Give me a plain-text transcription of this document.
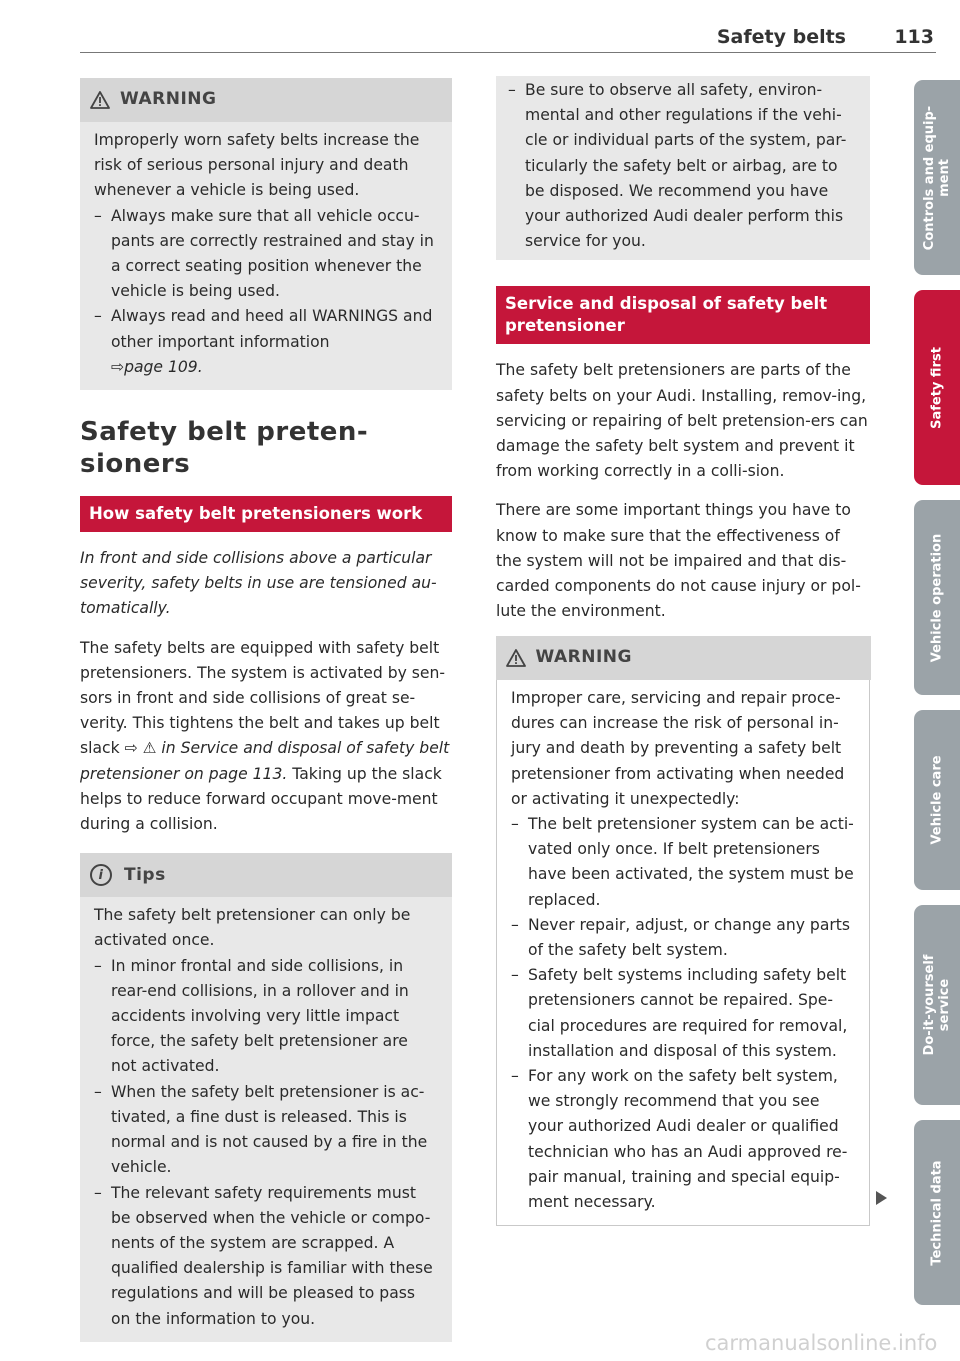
Safety belts	113
WARNING

Improperly worn safety belts increase the risk of serious personal injury and death whenever a vehicle is being used.

– Always make sure that all vehicle occu-pants are correctly restrained and stay in a correct seating position whenever the vehicle is being used.
– Always read and heed all WARNINGS and other important information
⇨page 109.
Safety belt preten-sioners
How safety belt pretensioners work

In front and side collisions above a particular severity, safety belts in use are tensioned au-tomatically.

The safety belts are equipped with safety belt pretensioners. The system is activated by sen-sors in front and side collisions of great se-verity. This tightens the belt and takes up belt slack ⇨ ⚠ in Service and disposal of safety belt pretensioner on page 113. Taking up the slack helps to reduce forward occupant move-ment during a collision.

i	Tips

The safety belt pretensioner can only be activated once.

– In minor frontal and side collisions, in rear-end collisions, in a rollover and in accidents involving very little impact force, the safety belt pretensioner are not activated.
– When the safety belt pretensioner is ac-tivated, a fine dust is released. This is normal and is not caused by a fire in the vehicle.
– The relevant safety requirements must be observed when the vehicle or compo-nents of the system are scrapped. A qualified dealership is familiar with these regulations and will be pleased to pass on the information to you.
– Be sure to observe all safety, environ-mental and other regulations if the vehi-cle or individual parts of the system, par-ticularly the safety belt or airbag, are to be disposed. We recommend you have your authorized Audi dealer perform this service for you.
Service and disposal of safety belt pretensioner

The safety belt pretensioners are parts of the safety belts on your Audi. Installing, remov-ing, servicing or repairing of belt pretension-ers can damage the safety belt system and prevent it from working correctly in a colli-sion.

There are some important things you have to know to make sure that the effectiveness of the system will not be impaired and that dis-carded components do not cause injury or pol-lute the environment.

WARNING

Improper care, servicing and repair proce-dures can increase the risk of personal in-jury and death by preventing a safety belt pretensioner from activating when needed or activating it unexpectedly:

– The belt pretensioner system can be acti-vated only once. If belt pretensioners have been activated, the system must be replaced.
– Never repair, adjust, or change any parts of the safety belt system.
– Safety belt systems including safety belt pretensioners cannot be repaired. Spe-cial procedures are required for removal, installation and disposal of this system.
– For any work on the safety belt system, we strongly recommend that you see your authorized Audi dealer or qualified technician who has an Audi approved re-pair manual, training and special equip-ment necessary.
Controls and equip-
ment
Safety first
Vehicle operation
Vehicle care
Do-it-yourself
service
Technical data
carmanualsonline.info
